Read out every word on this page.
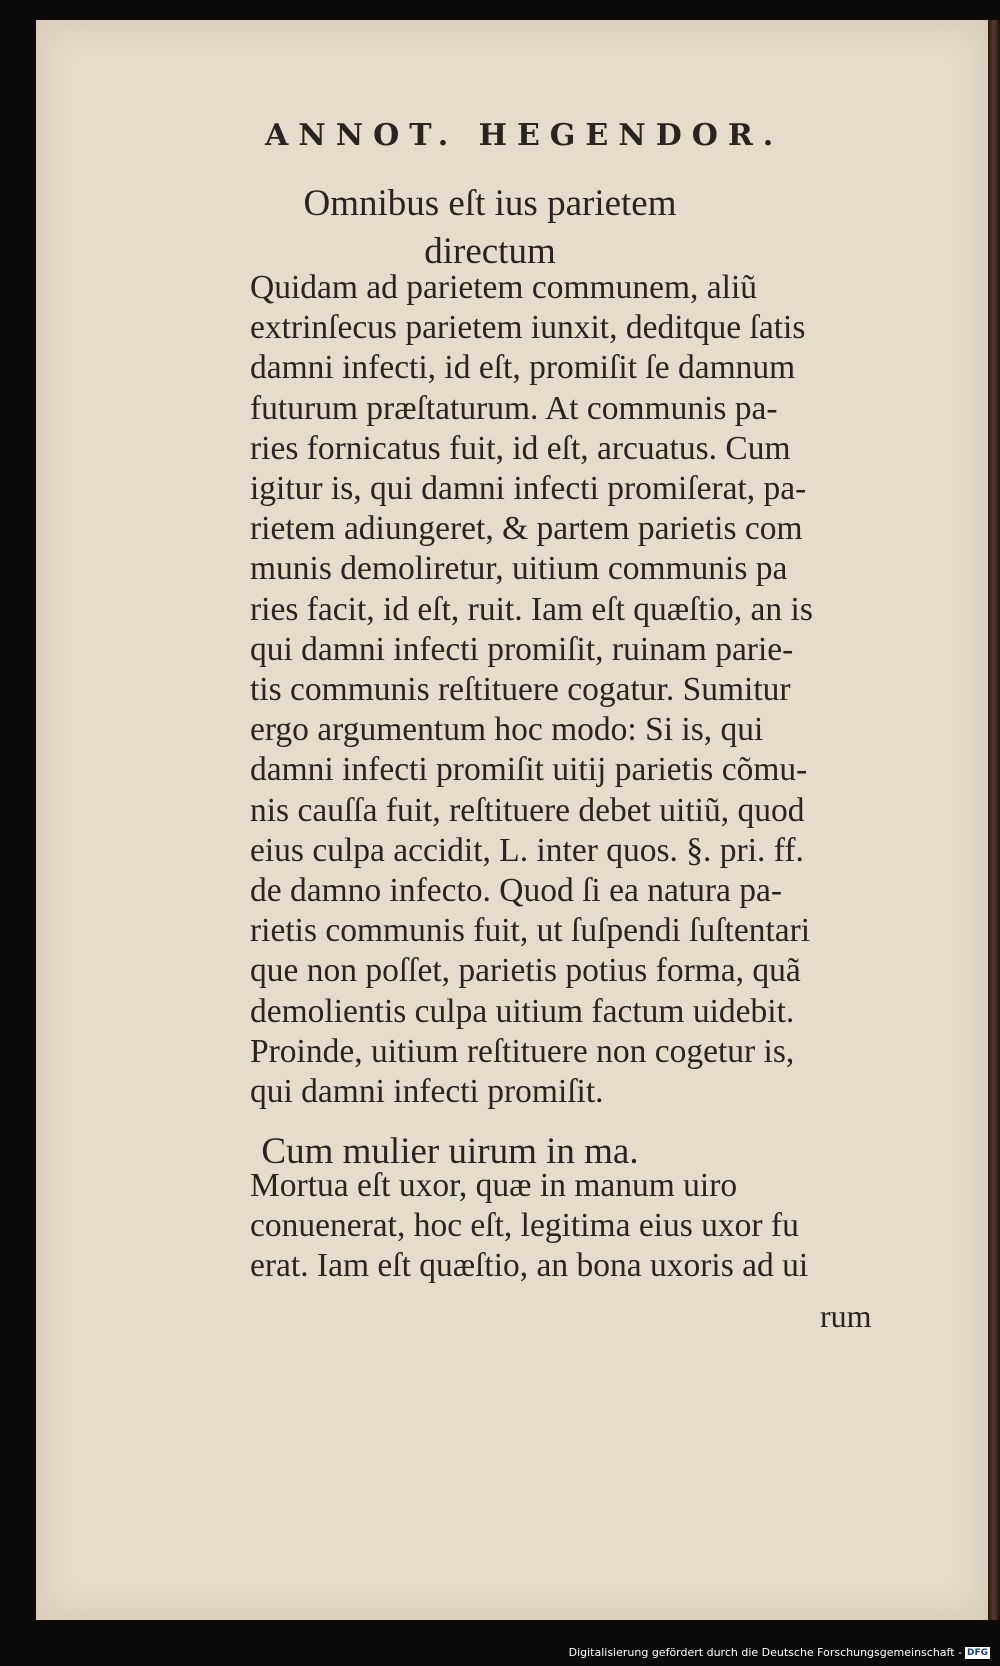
ANNOT. HEGENDOR.
Omnibus eſt ius parietem
directum
Quidam ad parietem communem, aliũ
extrinſecus parietem iunxit, deditque ſatis
damni infecti, id eſt, promiſit ſe damnum
futurum præſtaturum. At communis pa-
ries fornicatus fuit, id eſt, arcuatus. Cum
igitur is, qui damni infecti promiſerat, pa-
rietem adiungeret, & partem parietis com
munis demoliretur, uitium communis pa
ries facit, id eſt, ruit. Iam eſt quæſtio, an is
qui damni infecti promiſit, ruinam parie-
tis communis reſtituere cogatur. Sumitur
ergo argumentum hoc modo: Si is, qui
damni infecti promiſit uitij parietis cõmu-
nis cauſſa fuit, reſtituere debet uitiũ, quod
eius culpa accidit, L. inter quos. §. pri. ff.
de damno infecto. Quod ſi ea natura pa-
rietis communis fuit, ut ſuſpendi ſuſtentari
que non poſſet, parietis potius forma, quã
demolientis culpa uitium factum uidebit.
Proinde, uitium reſtituere non cogetur is,
qui damni infecti promiſit.
Cum mulier uirum in ma.
Mortua eſt uxor, quæ in manum uiro
conuenerat, hoc eſt, legitima eius uxor fu
erat. Iam eſt quæſtio, an bona uxoris ad ui
rum
Digitalisierung gefördert durch die Deutsche Forschungsgemeinschaft - DFG
